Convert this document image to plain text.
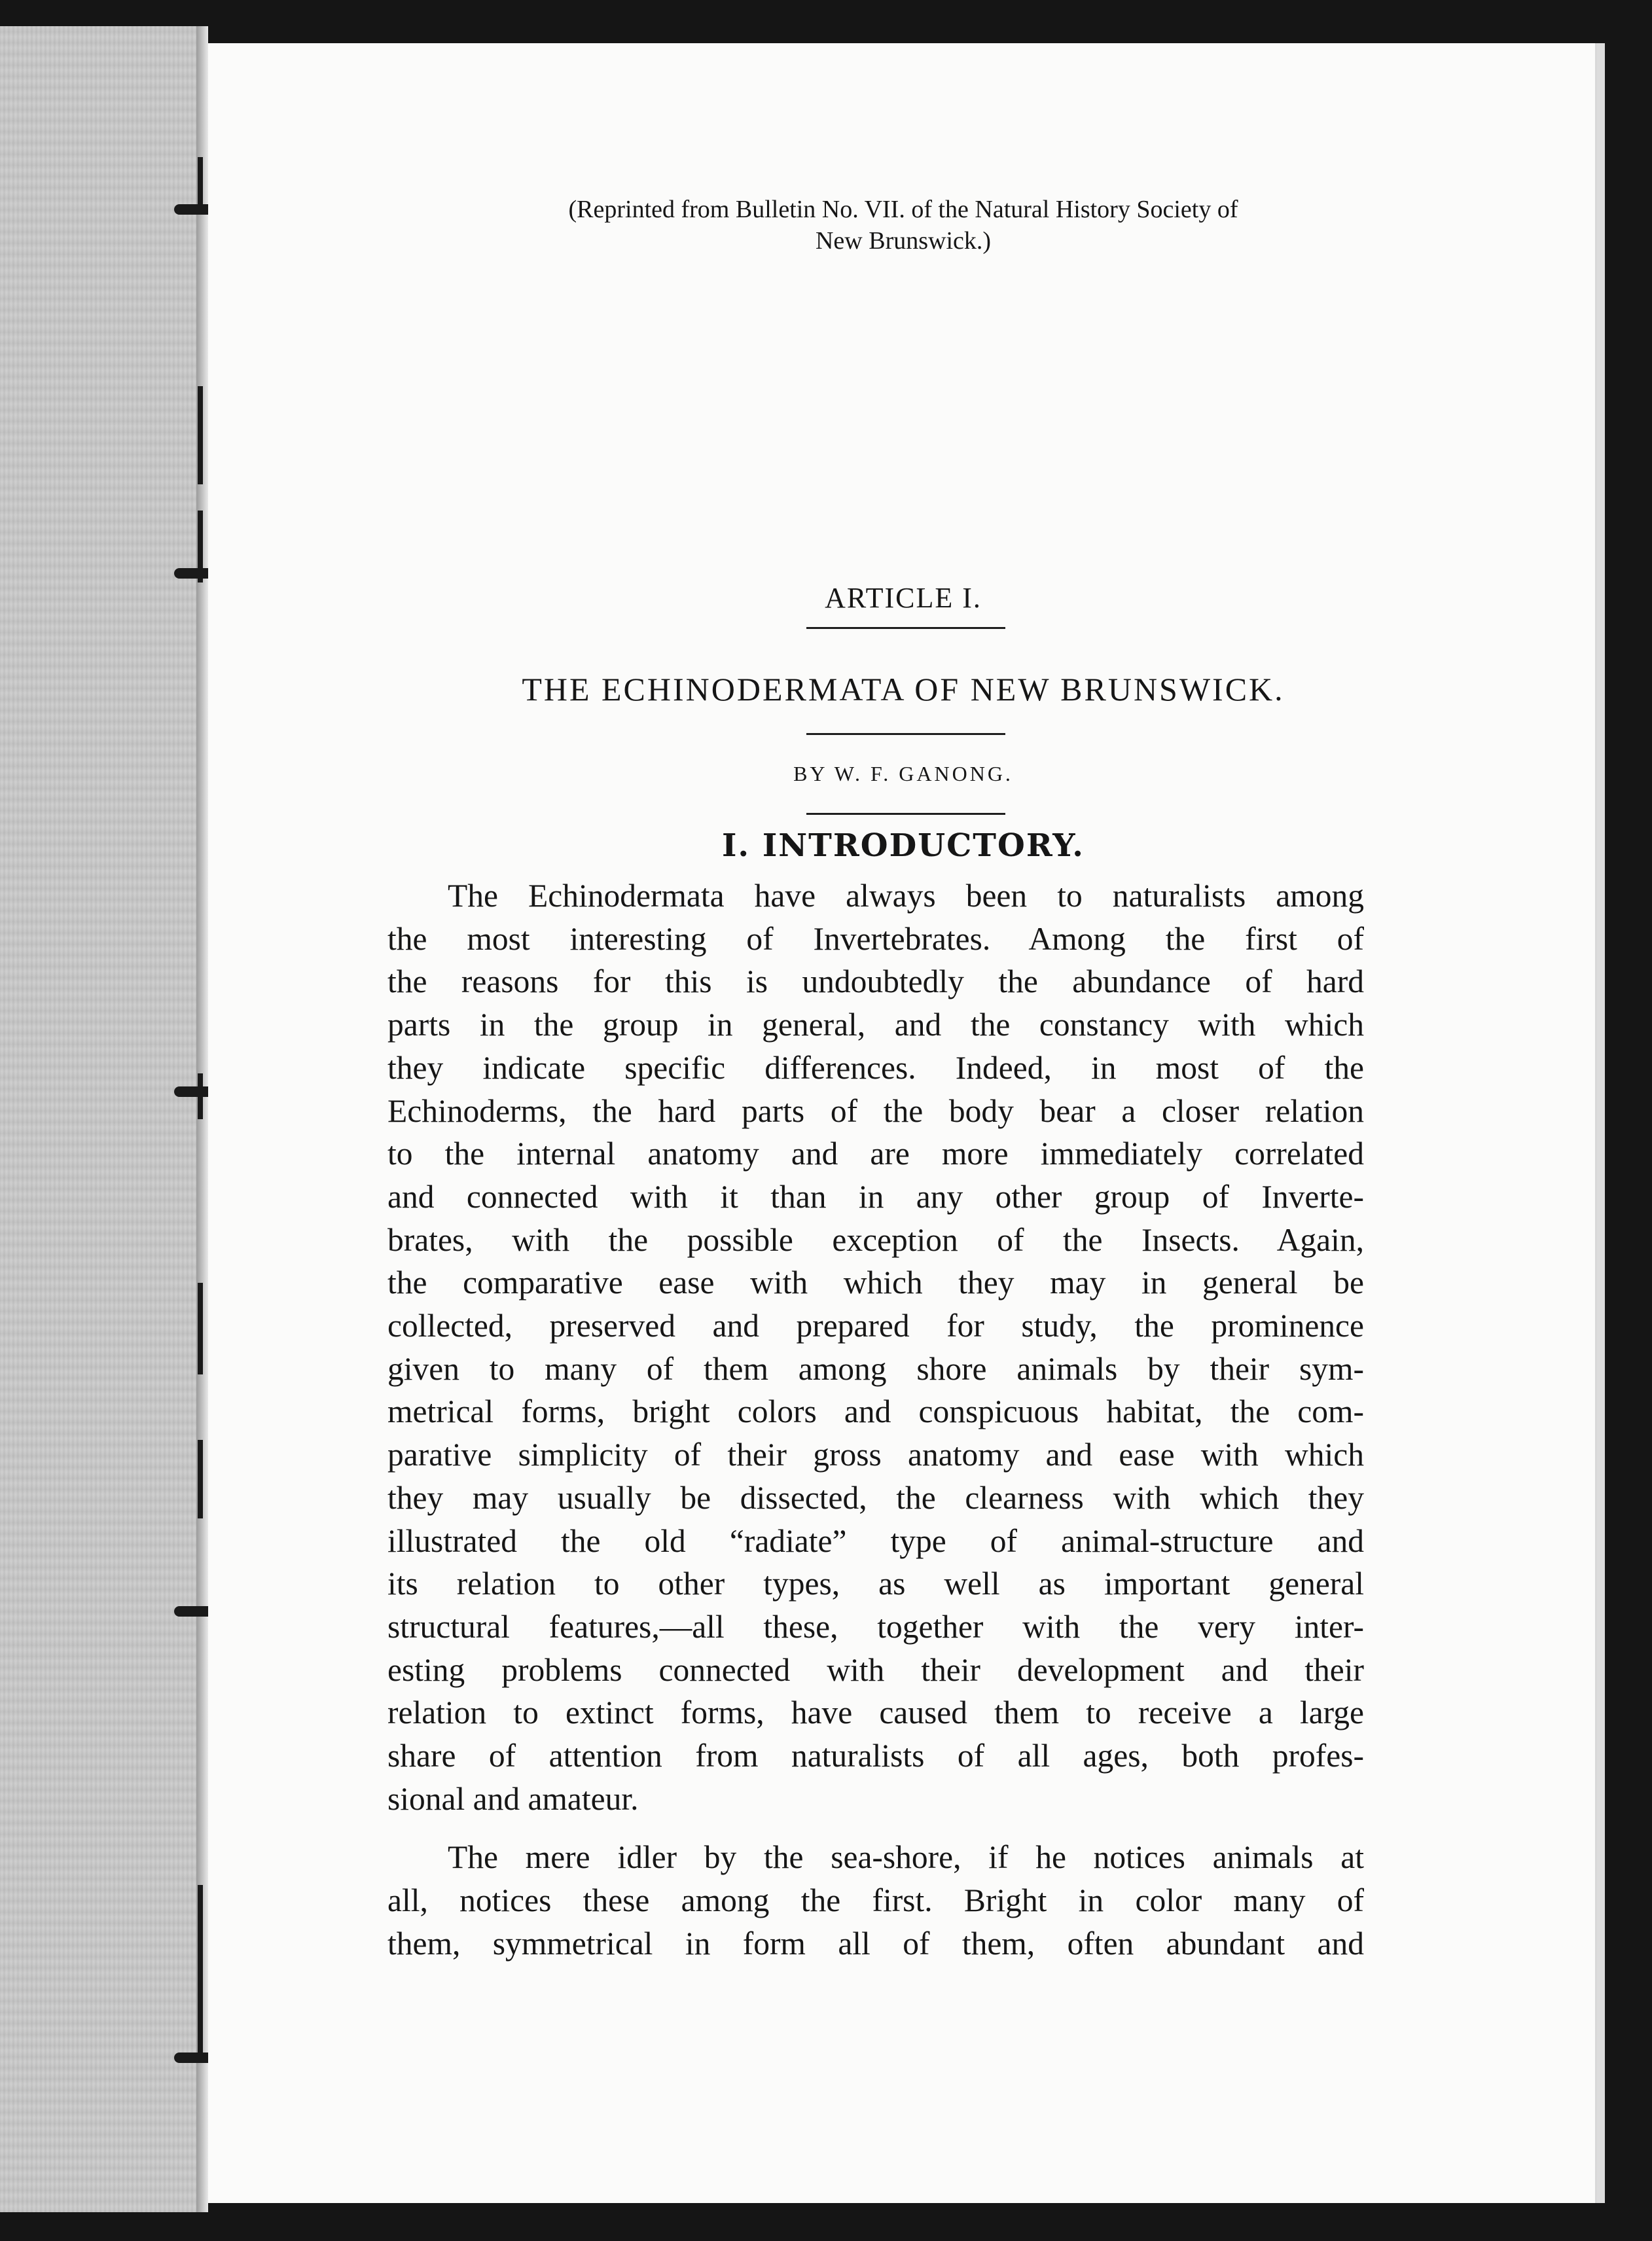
(Reprinted from Bulletin No. VII. of the Natural History Society of
New Brunswick.)

ARTICLE I.

THE ECHINODERMATA OF NEW BRUNSWICK.

BY W. F. GANONG.

I. INTRODUCTORY.
The Echinodermata have always been to naturalists among
the most interesting of Invertebrates. Among the first of
the reasons for this is undoubtedly the abundance of hard
parts in the group in general, and the constancy with which
they indicate specific differences. Indeed, in most of the
Echinoderms, the hard parts of the body bear a closer relation
to the internal anatomy and are more immediately correlated
and connected with it than in any other group of Inverte-
brates, with the possible exception of the Insects. Again,
the comparative ease with which they may in general be
collected, preserved and prepared for study, the prominence
given to many of them among shore animals by their sym-
metrical forms, bright colors and conspicuous habitat, the com-
parative simplicity of their gross anatomy and ease with which
they may usually be dissected, the clearness with which they
illustrated the old “radiate” type of animal-structure and
its relation to other types, as well as important general
structural features,—all these, together with the very inter-
esting problems connected with their development and their
relation to extinct forms, have caused them to receive a large
share of attention from naturalists of all ages, both profes-
sional and amateur.
The mere idler by the sea-shore, if he notices animals at
all, notices these among the first. Bright in color many of
them, symmetrical in form all of them, often abundant and
